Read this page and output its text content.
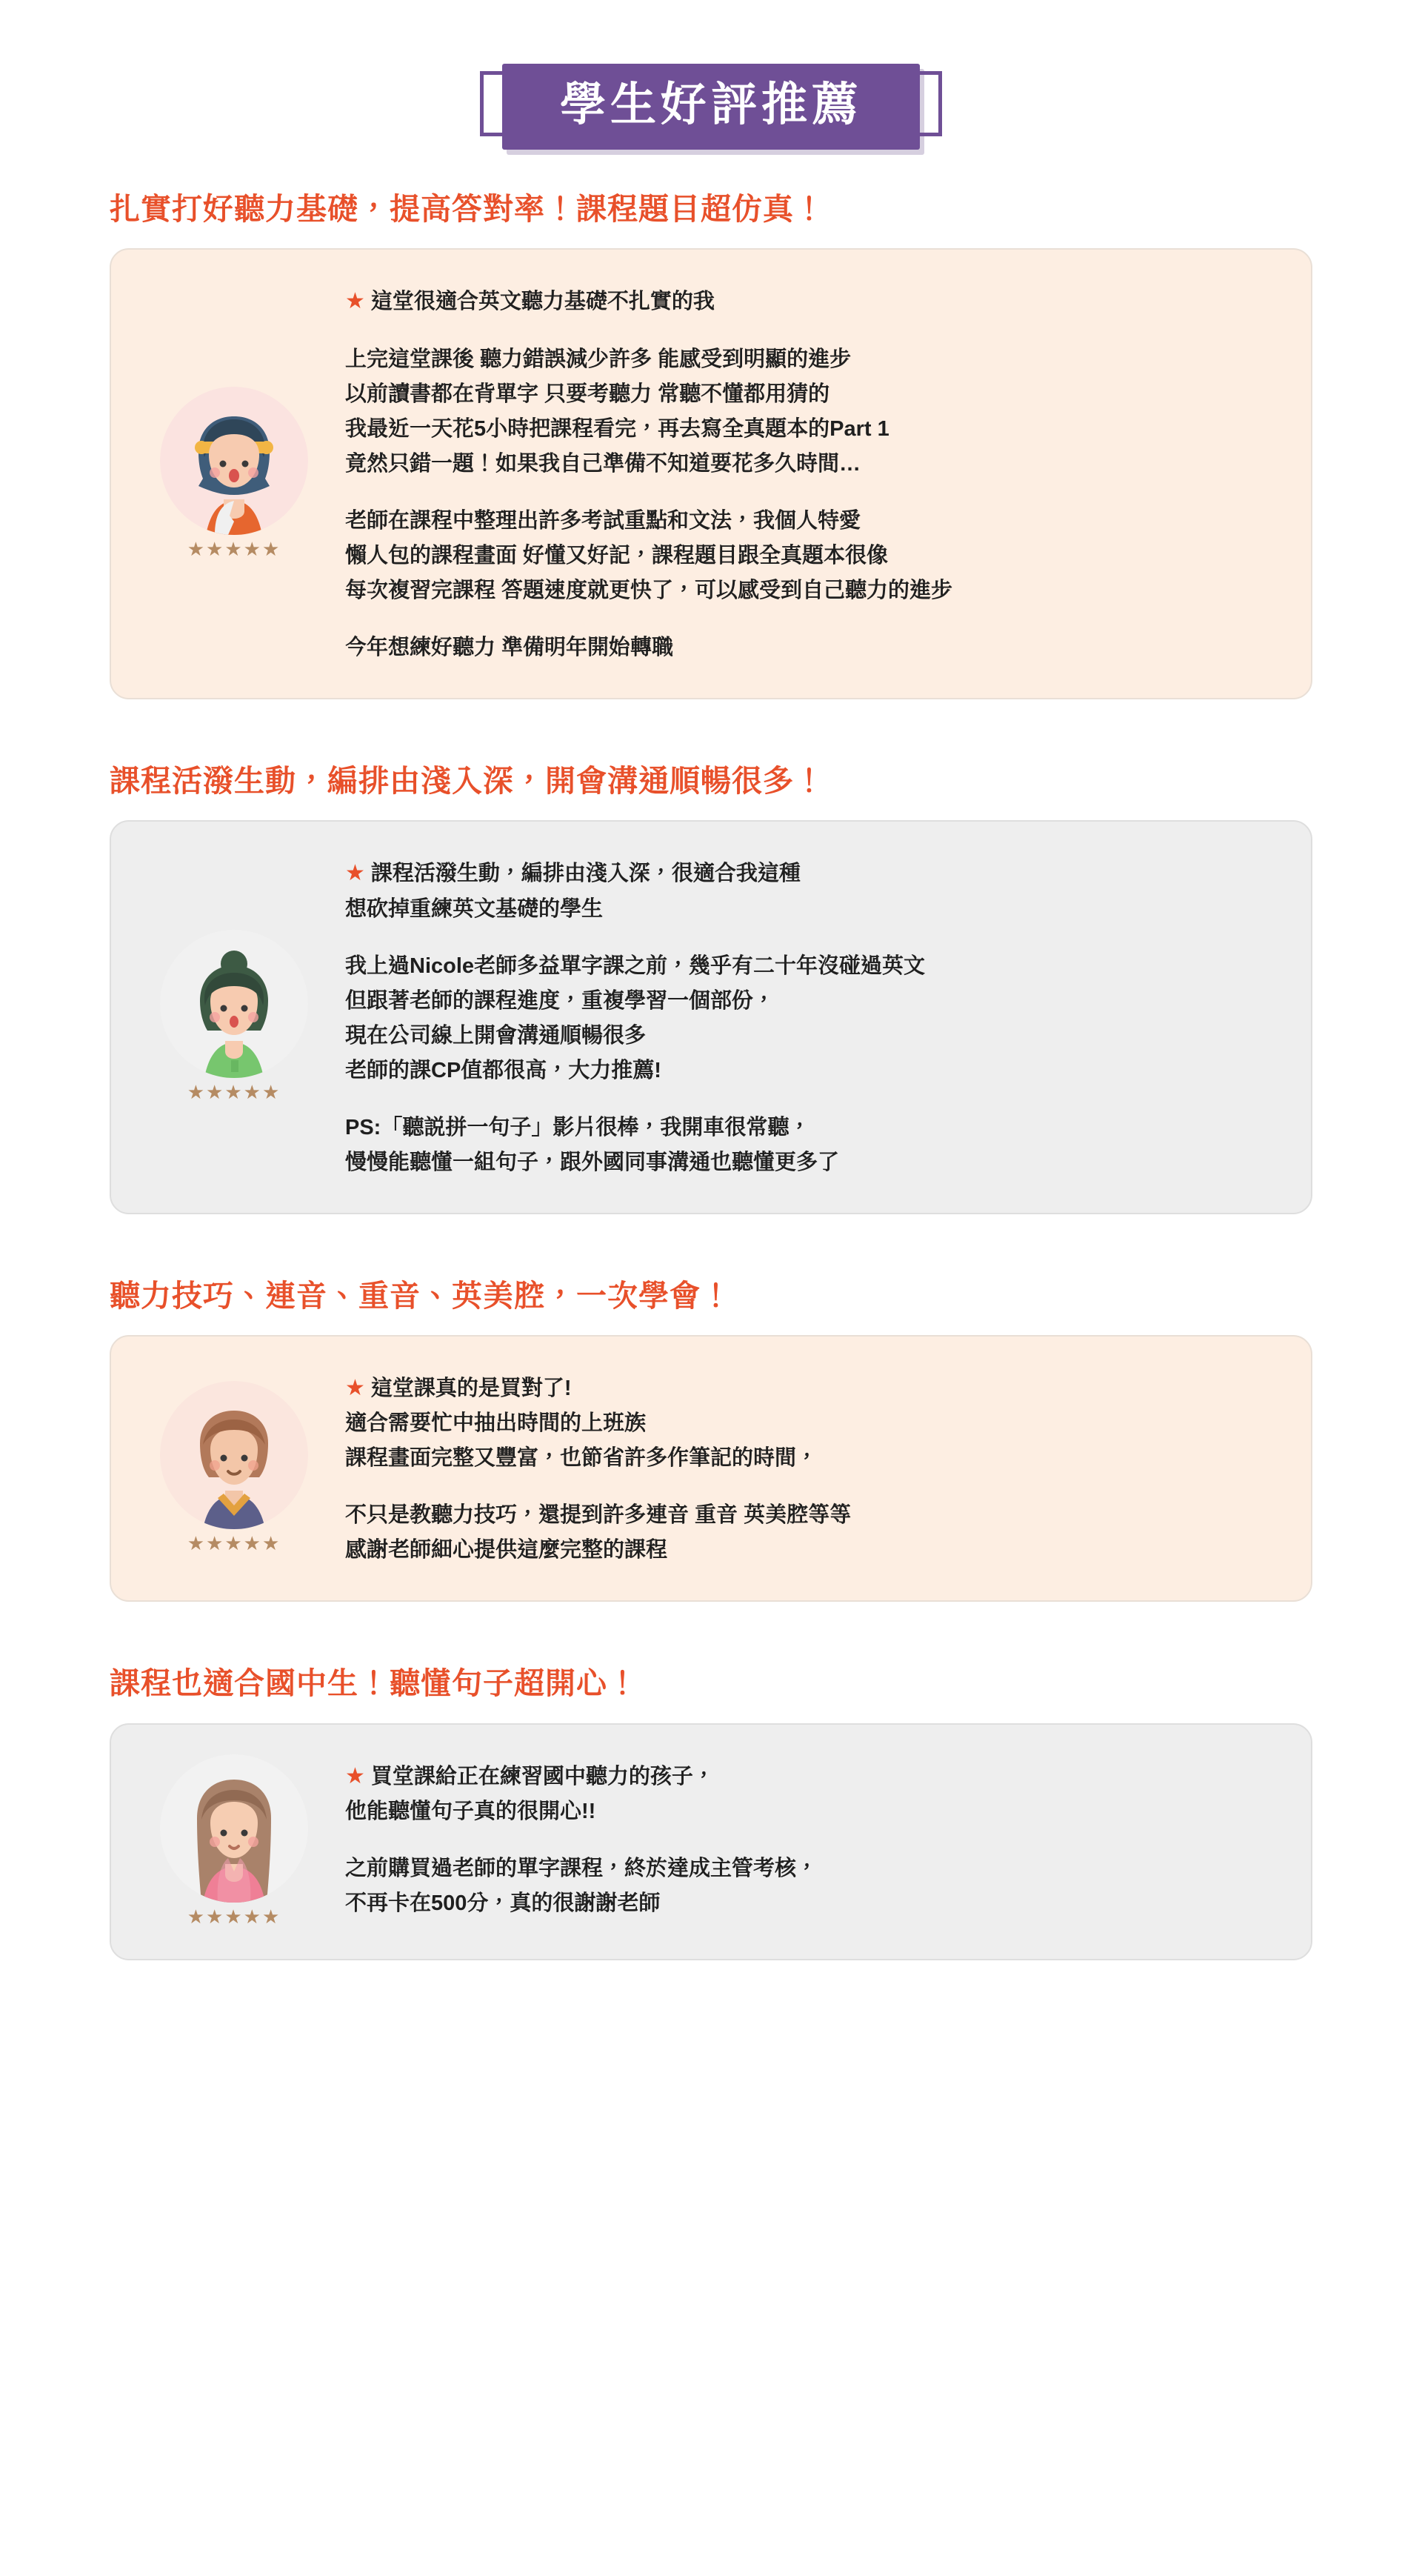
學生好評推薦
扎實打好聽力基礎，提高答對率！課程題目超仿真！
★★★★★

★ 這堂很適合英文聽力基礎不扎實的我

上完這堂課後 聽力錯誤減少許多 能感受到明顯的進步
以前讀書都在背單字 只要考聽力 常聽不懂都用猜的
我最近一天花5小時把課程看完，再去寫全真題本的Part 1
竟然只錯一題！如果我自己準備不知道要花多久時間…

老師在課程中整理出許多考試重點和文法，我個人特愛
懶人包的課程畫面 好懂又好記，課程題目跟全真題本很像
每次複習完課程 答題速度就更快了，可以感受到自己聽力的進步

今年想練好聽力 準備明年開始轉職

課程活潑生動，編排由淺入深，開會溝通順暢很多！
★★★★★

★ 課程活潑生動，編排由淺入深，很適合我這種
想砍掉重練英文基礎的學生

我上過Nicole老師多益單字課之前，幾乎有二十年沒碰過英文
但跟著老師的課程進度，重複學習一個部份，
現在公司線上開會溝通順暢很多
老師的課CP值都很高，大力推薦!

PS:「聽説拼一句子」影片很棒，我開車很常聽，
慢慢能聽懂一組句子，跟外國同事溝通也聽懂更多了

聽力技巧、連音、重音、英美腔，一次學會！
★★★★★

★ 這堂課真的是買對了!
適合需要忙中抽出時間的上班族
課程畫面完整又豐富，也節省許多作筆記的時間，

不只是教聽力技巧，還提到許多連音 重音 英美腔等等
感謝老師細心提供這麼完整的課程

課程也適合國中生！聽懂句子超開心！
★★★★★

★ 買堂課給正在練習國中聽力的孩子，
他能聽懂句子真的很開心!!

之前購買過老師的單字課程，終於達成主管考核，
不再卡在500分，真的很謝謝老師
